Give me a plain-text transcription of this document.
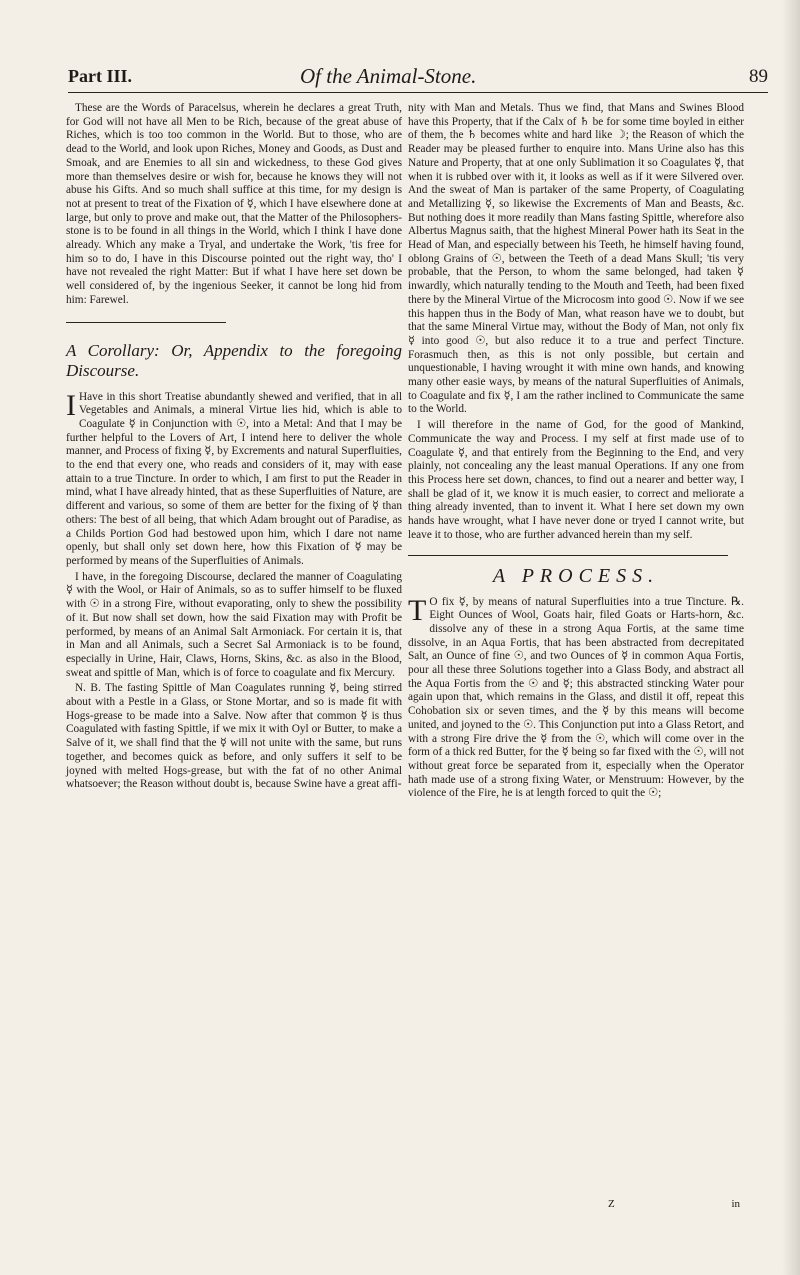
Part III.	Of the Animal-Stone.	89

These are the Words of Paracelsus, wherein he declares a great Truth, for God will not have all Men to be Rich, because of the great abuse of Riches, which is too too common in the World. But to those, who are dead to the World, and look upon Riches, Money and Goods, as Dust and Smoak, and are Enemies to all sin and wickedness, to these God gives more than themselves desire or wish for, because he knows they will not abuse his Gifts. And so much shall suffice at this time, for my design is not at present to treat of the Fixation of ☿, which I have elsewhere done at large, but only to prove and make out, that the Matter of the Philosophers-stone is to be found in all things in the World, which I think I have done already. Which any make a Tryal, and undertake the Work, 'tis free for him so to do, I have in this Discourse pointed out the right way, tho' I have not revealed the right Matter: But if what I have here set down be well considered of, by the ingenious Seeker, it cannot be long hid from him: Farewel.

A Corollary: Or, Appendix to the foregoing Discourse.

I Have in this short Treatise abundantly shewed and verified, that in all Vegetables and Animals, a mineral Virtue lies hid, which is able to Coagulate ☿ in Conjunction with ☉, into a Metal: And that I may be further helpful to the Lovers of Art, I intend here to deliver the whole manner, and Process of fixing ☿, by Excrements and natural Superfluities, to the end that every one, who reads and considers of it, may with ease attain to a true Tincture. In order to which, I am first to put the Reader in mind, what I have already hinted, that as these Superfluities of Nature, are different and various, so some of them are better for the fixing of ☿ than others: The best of all being, that which Adam brought out of Paradise, as a Childs Portion God had bestowed upon him, which I dare not name openly, but shall only set down here, how this Fixation of ☿ may be performed by means of the Superfluities of Animals.

I have, in the foregoing Discourse, declared the manner of Coagulating ☿ with the Wool, or Hair of Animals, so as to suffer himself to be fluxed with ☉ in a strong Fire, without evaporating, only to shew the possibility of it. But now shall set down, how the said Fixation may with Profit be performed, by means of an Animal Salt Armoniack. For certain it is, that in Man and all Animals, such a Secret Sal Armoniack is to be found, especially in Urine, Hair, Claws, Horns, Skins, &c. as also in the Blood, sweat and spittle of Man, which is of force to coagulate and fix Mercury.

N. B. The fasting Spittle of Man Coagulates running ☿, being stirred about with a Pestle in a Glass, or Stone Mortar, and so is made fit with Hogs-grease to be made into a Salve. Now after that common ☿ is thus Coagulated with fasting Spittle, if we mix it with Oyl or Butter, to make a Salve of it, we shall find that the ☿ will not unite with the same, but runs together, and becomes quick as before, and only suffers it self to be joyned with melted Hogs-grease, but with the fat of no other Animal whatsoever; the Reason without doubt is, because Swine have a great affi-

nity with Man and Metals. Thus we find, that Mans and Swines Blood have this Property, that if the Calx of ♄ be for some time boyled in either of them, the ♄ becomes white and hard like ☽; the Reason of which the Reader may be pleased further to enquire into. Mans Urine also has this Nature and Property, that at one only Sublimation it so Coagulates ☿, that when it is rubbed over with it, it looks as well as if it were Silvered over. And the sweat of Man is partaker of the same Property, of Coagulating and Metallizing ☿, so likewise the Excrements of Man and Beasts, &c. But nothing does it more readily than Mans fasting Spittle, wherefore also Albertus Magnus saith, that the highest Mineral Power hath its Seat in the Head of Man, and especially between his Teeth, he himself having found, oblong Grains of ☉, between the Teeth of a dead Mans Skull; 'tis very probable, that the Person, to whom the same belonged, had taken ☿ inwardly, which naturally tending to the Mouth and Teeth, had been fixed there by the Mineral Virtue of the Microcosm into good ☉. Now if we see this happen thus in the Body of Man, what reason have we to doubt, but that the same Mineral Virtue may, without the Body of Man, not only fix ☿ into good ☉, but also reduce it to a true and perfect Tincture. Forasmuch then, as this is not only possible, but certain and unquestionable, I having wrought it with mine own hands, and knowing many other easie ways, by means of the natural Superfluities of Animals, to Coagulate and fix ☿, I am the rather inclined to Communicate the same to the World.

I will therefore in the name of God, for the good of Mankind, Communicate the way and Process. I my self at first made use of to Coagulate ☿, and that entirely from the Beginning to the End, and very plainly, not concealing any the least manual Operations. If any one from this Process here set down, chances, to find out a nearer and better way, I shall be glad of it, we know it is much easier, to correct and meliorate a thing already invented, than to invent it. What I here set down my own hands have wrought, what I have never done or tryed I cannot write, but leave it to those, who are further advanced herein than my self.

A PROCESS.

T O fix ☿, by means of natural Superfluities into a true Tincture. ℞. Eight Ounces of Wool, Goats hair, filed Goats or Harts-horn, &c. dissolve any of these in a strong Aqua Fortis, at the same time dissolve, in an Aqua Fortis, that has been abstracted from decrepitated Salt, an Ounce of fine ☉, and two Ounces of ☿ in common Aqua Fortis, pour all these three Solutions together into a Glass Body, and abstract all the Aqua Fortis from the ☉ and ☿; this abstracted stincking Water pour again upon that, which remains in the Glass, and distil it off, repeat this Cohobation six or seven times, and the ☿ by this means will become united, and joyned to the ☉. This Conjunction put into a Glass Retort, and with a strong Fire drive the ☿ from the ☉, which will come over in the form of a thick red Butter, for the ☿ being so far fixed with the ☉, will not without great force be separated from it, especially when the Operator hath made use of a strong fixing Water, or Menstruum: However, by the violence of the Fire, he is at length forced to quit the ☉;

Z	in
